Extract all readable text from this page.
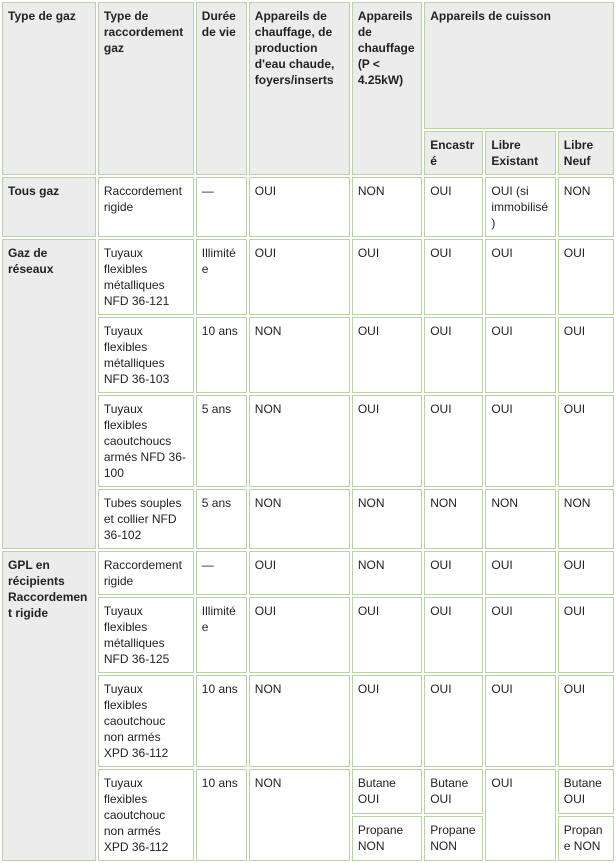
Type de gaz	Type de raccordement gaz	Durée de vie	Appareils de chauffage, de production d'eau chaude, foyers/inserts	Appareils de chauffage (P < 4.25kW)	Appareils de cuisson		
					Encastré	Libre Existant	Libre Neuf
Tous gaz	Raccordement rigide	—	OUI	NON	OUI	OUI (si immobilisé)	NON
Gaz de réseaux	Tuyaux flexibles métalliques NFD 36-121	Illimitée	OUI	OUI	OUI	OUI	OUI
	Tuyaux flexibles métalliques NFD 36-103	10 ans	NON	OUI	OUI	OUI	OUI
	Tuyaux flexibles caoutchoucs armés NFD 36-100	5 ans	NON	OUI	OUI	OUI	OUI
	Tubes souples et collier NFD 36-102	5 ans	NON	NON	NON	NON	NON
GPL en récipients Raccordement rigide	Raccordement rigide	—	OUI	NON	OUI	OUI	OUI
	Tuyaux flexibles métalliques NFD 36-125	Illimitée	OUI	OUI	OUI	OUI	OUI
	Tuyaux flexibles caoutchouc non armés XPD 36-112	10 ans	NON	OUI	OUI	OUI	OUI
	Tuyaux flexibles caoutchouc non armés XPD 36-112	10 ans	NON	Butane OUI	Butane OUI	OUI	Butane OUI
				Propane NON	Propane NON		Propane NON
